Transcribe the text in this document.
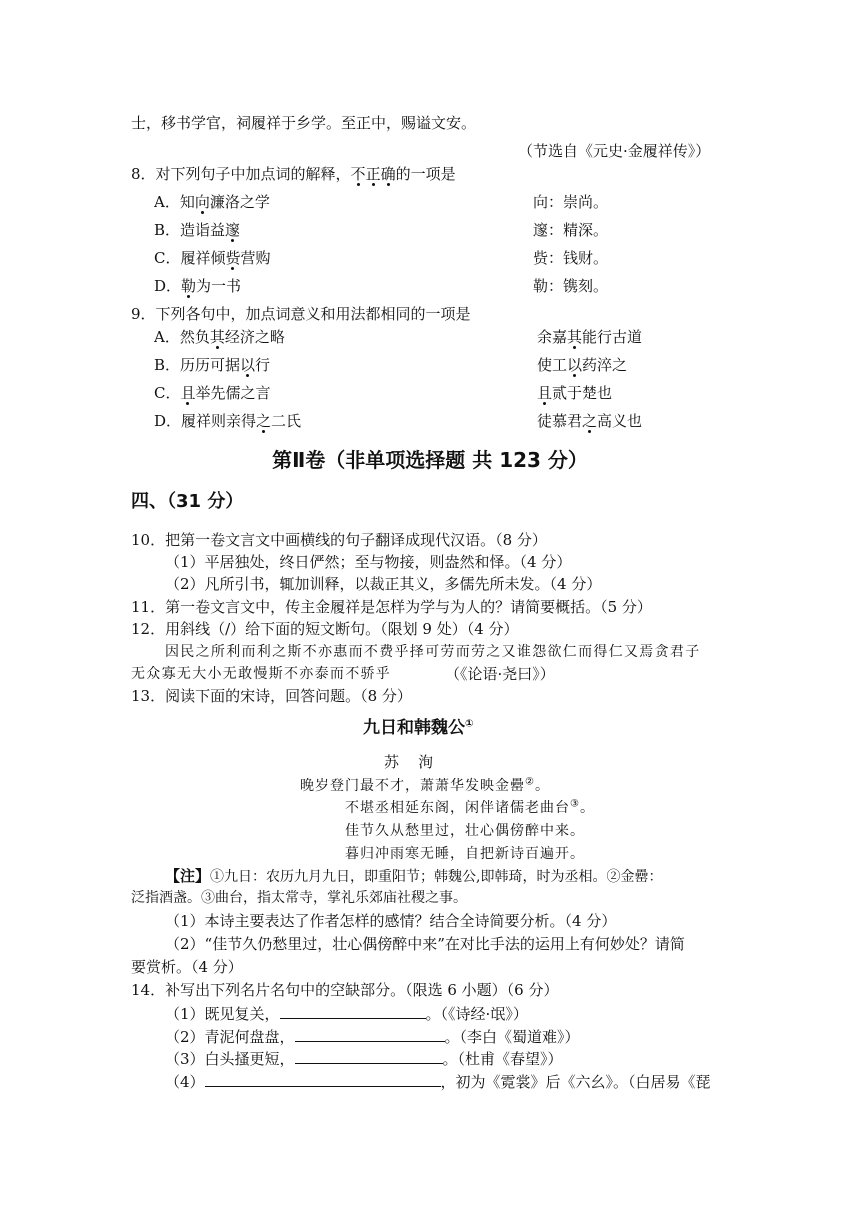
士，移书学官，祠履祥于乡学。至正中，赐谥文安。
（节选自《元史·金履祥传》）
8．对下列句子中加点词的解释，不正确的一项是
A．知向濂洛之学	向：崇尚。
B．造诣益邃	邃：精深。
C．履祥倾赀营购	赀：钱财。
D．勒为一书	勒：镌刻。
9．下列各句中，加点词意义和用法都相同的一项是
A．然负其经济之略	余嘉其能行古道
B．历历可据以行	使工以药淬之
C．且举先儒之言	且贰于楚也
D．履祥则亲得之二氏	徒慕君之高义也
第Ⅱ卷（非单项选择题 共 123 分）
四、（31 分）
10．把第一卷文言文中画横线的句子翻译成现代汉语。（8 分）
（1）平居独处，终日俨然；至与物接，则盎然和怿。（4 分）
（2）凡所引书，辄加训释，以裁正其义，多儒先所未发。（4 分）
11．第一卷文言文中，传主金履祥是怎样为学与为人的？请简要概括。（5 分）
12．用斜线（/）给下面的短文断句。（限划 9 处）（4 分）
因民之所利而利之斯不亦惠而不费乎择可劳而劳之又谁怨欲仁而得仁又焉贪君子
无众寡无大小无敢慢斯不亦泰而不骄乎	（《论语·尧曰》）
13．阅读下面的宋诗，回答问题。（8 分）
九日和韩魏公①
苏　洵
晚岁登门最不才，萧萧华发映金罍②。
不堪丞相延东阁，闲伴诸儒老曲台③。
佳节久从愁里过，壮心偶傍醉中来。
暮归冲雨寒无睡，自把新诗百遍开。
【注】①九日：农历九月九日，即重阳节；韩魏公,即韩琦，时为丞相。②金罍：
泛指酒盏。③曲台，指太常寺，掌礼乐郊庙社稷之事。
（1）本诗主要表达了作者怎样的感情？结合全诗简要分析。（4 分）
（2）“佳节久仍愁里过，壮心偶傍醉中来”在对比手法的运用上有何妙处？请简
要赏析。（4 分）
14．补写出下列名片名句中的空缺部分。（限选 6 小题）（6 分）
（1）既见复关，	。（《诗经·氓》）
（2）青泥何盘盘，	。（李白《蜀道难》）
（3）白头搔更短，	。（杜甫《春望》）
（4）	，初为《霓裳》后《六幺》。（白居易《琵
